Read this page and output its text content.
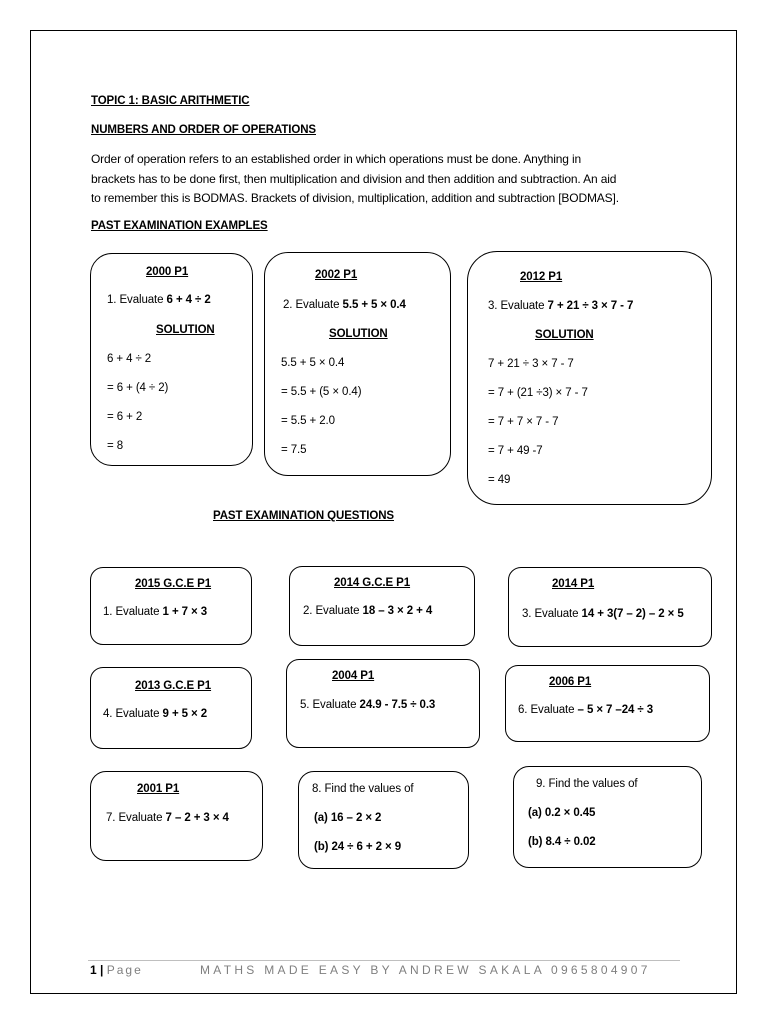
TOPIC 1: BASIC ARITHMETIC
NUMBERS AND ORDER OF OPERATIONS
Order of operation refers to an established order in which operations must be done. Anything in
brackets has to be done first, then multiplication and division and then addition and subtraction. An aid
to remember this is BODMAS. Brackets of division, multiplication, addition and subtraction [BODMAS].
PAST EXAMINATION EXAMPLES
2000 P1
1. Evaluate 6 + 4 ÷ 2
SOLUTION
6 + 4 ÷ 2
= 6 + (4 ÷ 2)
= 6 + 2
= 8
2002 P1
2. Evaluate 5.5 + 5 × 0.4
SOLUTION
5.5 + 5 × 0.4
= 5.5 + (5 × 0.4)
= 5.5 + 2.0
= 7.5
2012 P1
3. Evaluate 7 + 21 ÷ 3 × 7 - 7
SOLUTION
7 + 21 ÷ 3 × 7 - 7
= 7 + (21 ÷3) × 7 - 7
= 7 + 7 × 7 - 7
= 7 + 49 -7
= 49
PAST EXAMINATION QUESTIONS
2015 G.C.E P1
1. Evaluate 1 + 7 × 3
2014 G.C.E P1
2. Evaluate 18 – 3 × 2 + 4
2014 P1
3. Evaluate 14 + 3(7 – 2) – 2 × 5
2013 G.C.E P1
4. Evaluate 9 + 5 × 2
2004 P1
5. Evaluate 24.9 - 7.5 ÷ 0.3
2006 P1
6. Evaluate – 5 × 7 –24 ÷ 3
2001 P1
7. Evaluate 7 – 2 + 3 × 4
8. Find the values of
(a) 16 – 2 × 2
(b) 24 ÷ 6 + 2 × 9
9. Find the values of
(a) 0.2 × 0.45
(b) 8.4 ÷ 0.02
1 | Page	MATHS MADE EASY BY ANDREW SAKALA 0965804907
